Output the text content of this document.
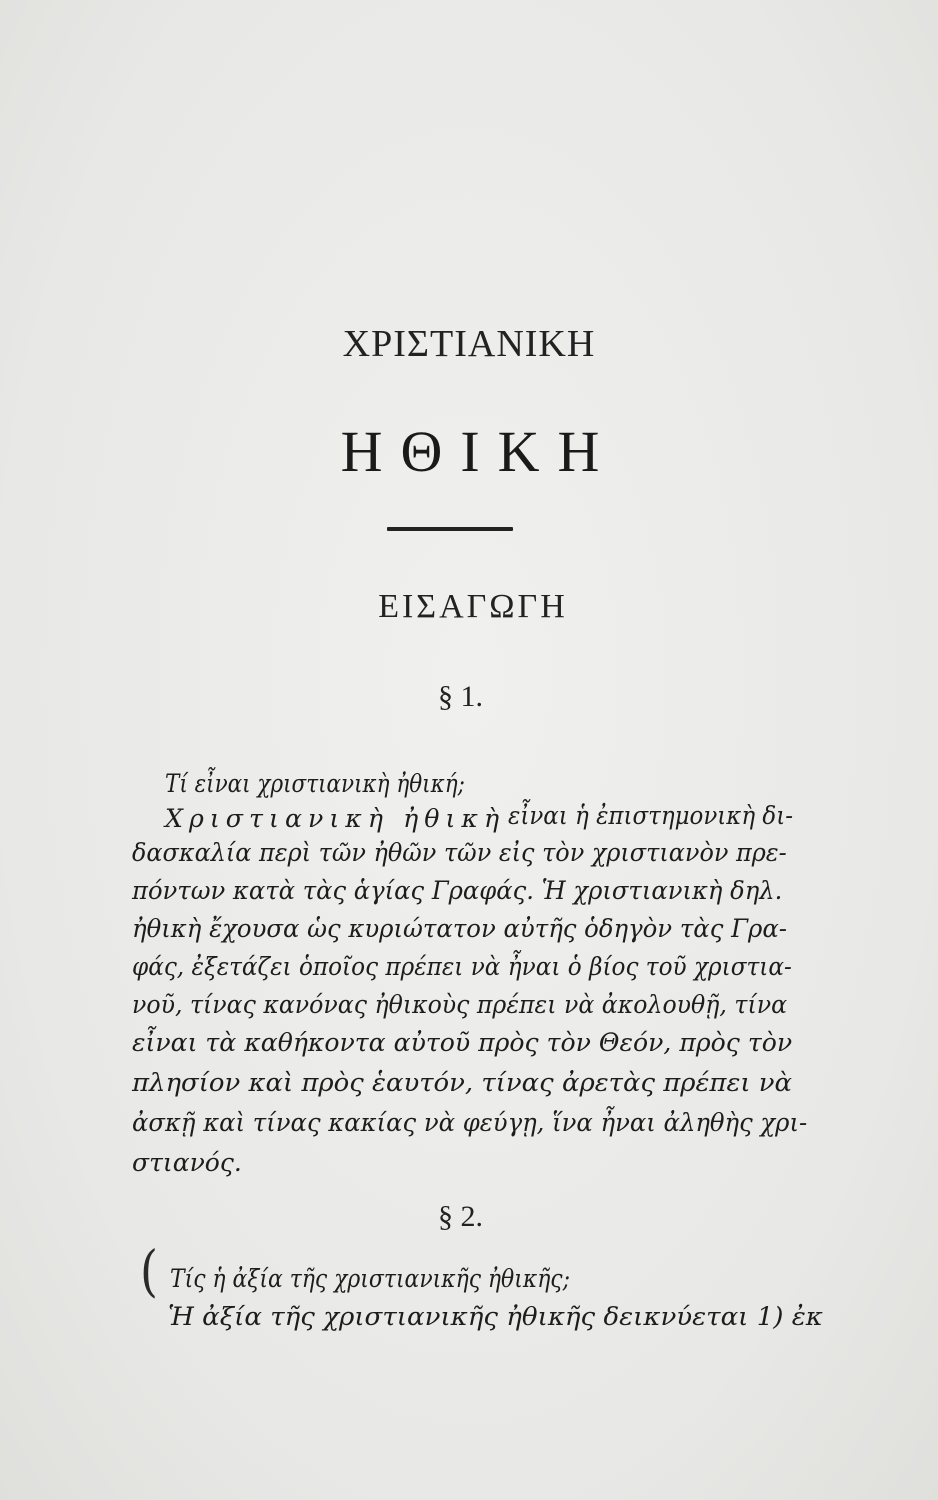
ΧΡΙΣΤΙΑΝΙΚΗ
ΗΘΙΚΗ
ΕΙΣΑΓΩΓΗ
§ 1.
Τί εἶναι χριστιανικὴ ἠθική;
Χριστιανικὴ ἠθικὴ εἶναι ἡ ἐπιστημονικὴ δι-
δασκαλία περὶ τῶν ἠθῶν τῶν εἰς τὸν χριστιανὸν πρε-
πόντων κατὰ τὰς ἁγίας Γραφάς. Ἡ χριστιανικὴ δηλ.
ἠθικὴ ἔχουσα ὡς κυριώτατον αὐτῆς ὁδηγὸν τὰς Γρα-
φάς, ἐξετάζει ὁποῖος πρέπει νὰ ἦναι ὁ βίος τοῦ χριστια-
νοῦ, τίνας κανόνας ἠθικοὺς πρέπει νὰ ἀκολουθῇ, τίνα
εἶναι τὰ καθήκοντα αὐτοῦ πρὸς τὸν Θεόν, πρὸς τὸν
πλησίον καὶ πρὸς ἑαυτόν, τίνας ἀρετὰς πρέπει νὰ
ἀσκῇ καὶ τίνας κακίας νὰ φεύγῃ, ἵνα ἦναι ἀληθὴς χρι-
στιανός.
§ 2.
( Τίς ἡ ἀξία τῆς χριστιανικῆς ἠθικῆς;
Ἡ ἀξία τῆς χριστιανικῆς ἠθικῆς δεικνύεται 1) ἐκ
